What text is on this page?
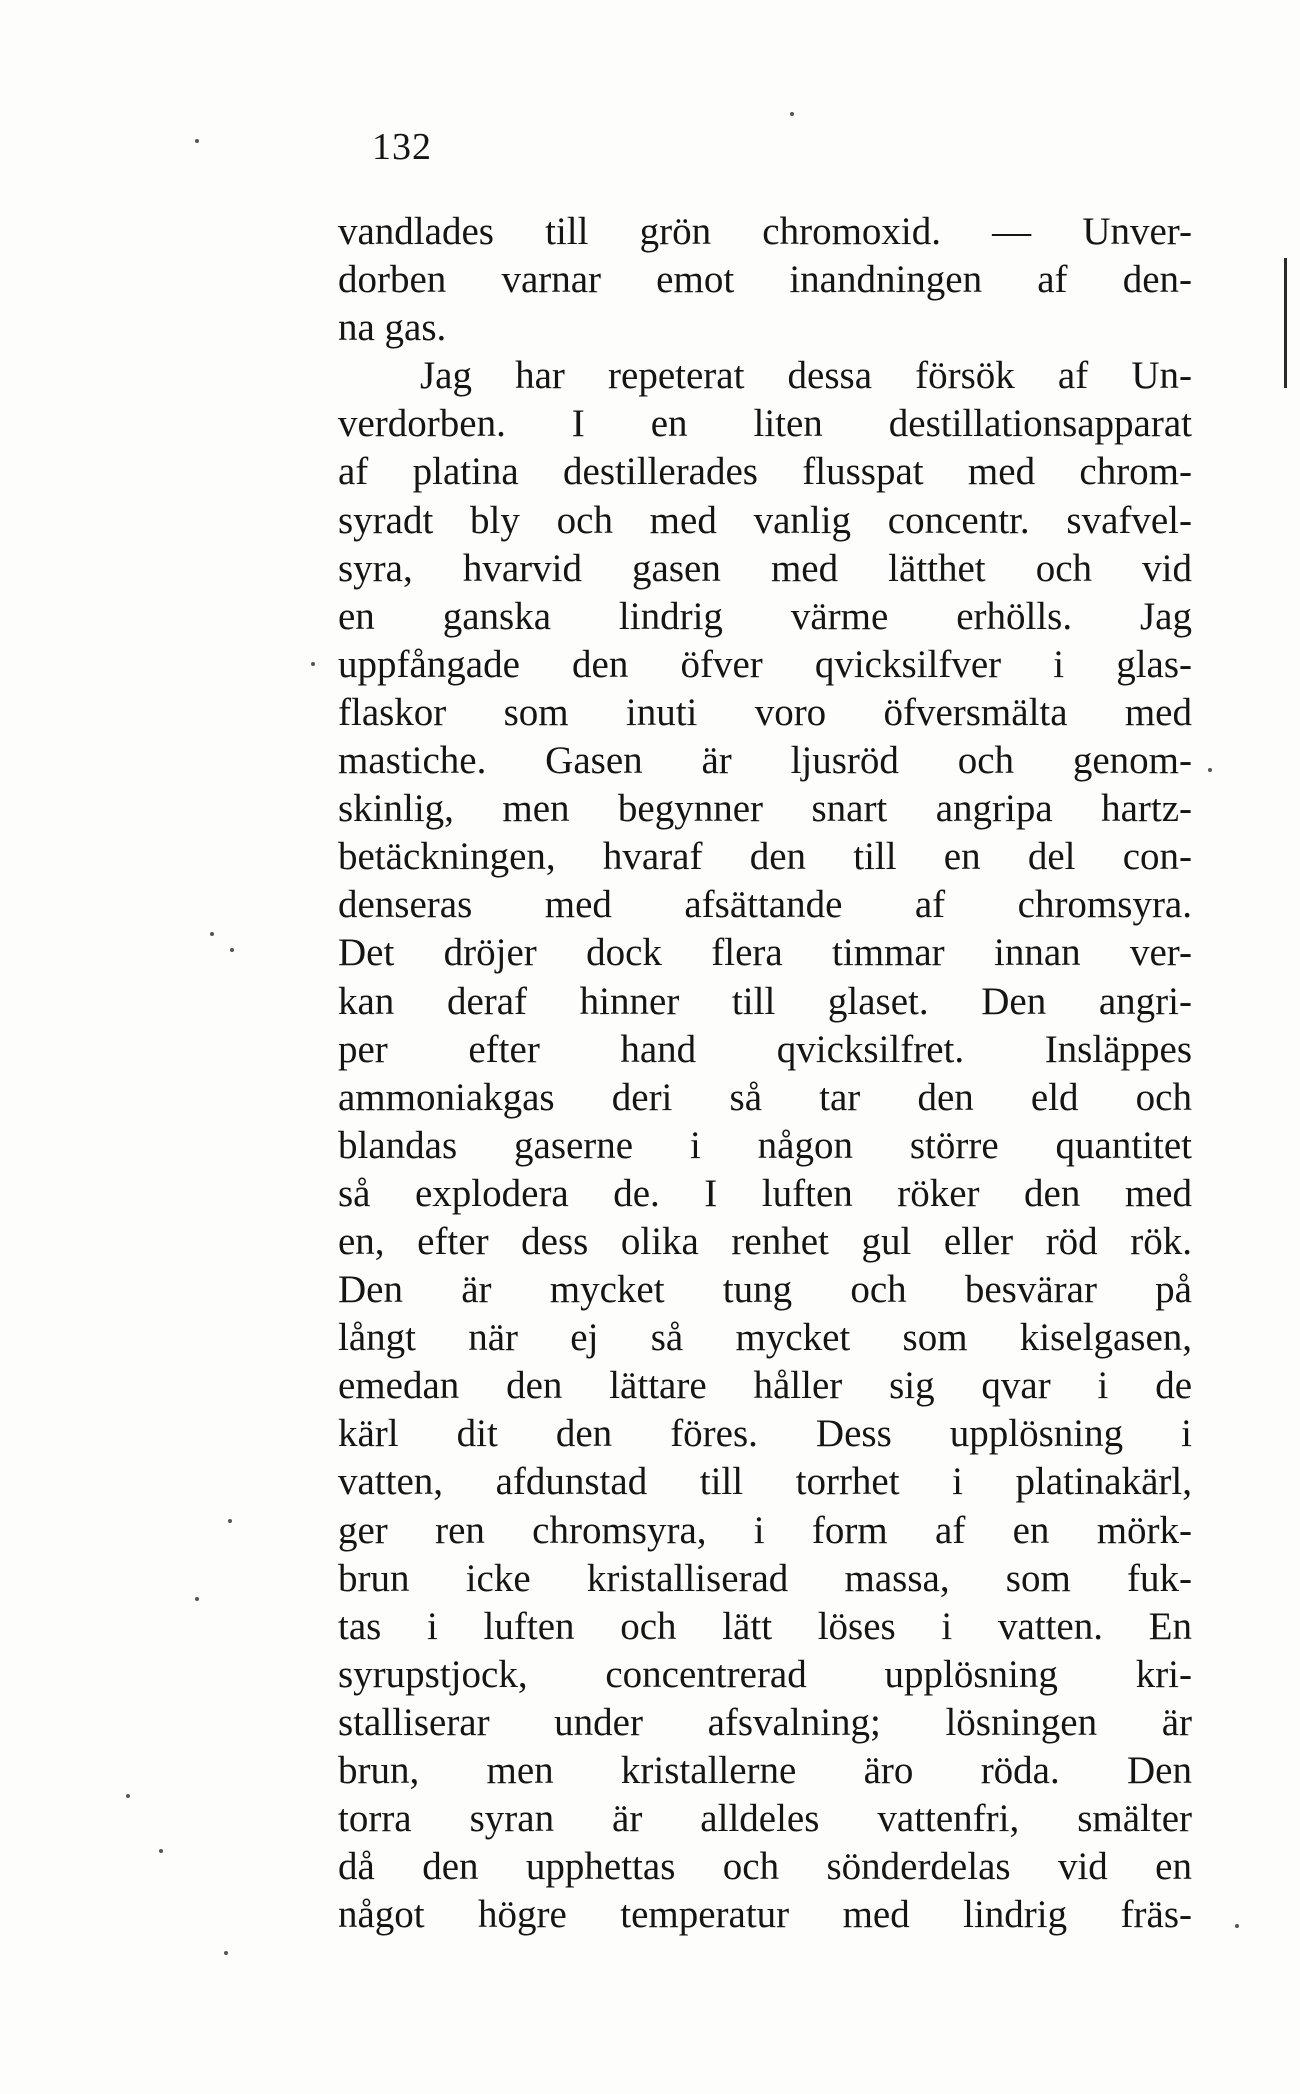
132
vandlades till grön chromoxid. — Unver-
dorben varnar emot inandningen af den-
na gas.
Jag har repeterat dessa försök af Un-
verdorben. I en liten destillationsapparat
af platina destillerades flusspat med chrom-
syradt bly och med vanlig concentr. svafvel-
syra, hvarvid gasen med lätthet och vid
en ganska lindrig värme erhölls. Jag
uppfångade den öfver qvicksilfver i glas-
flaskor som inuti voro öfversmälta med
mastiche. Gasen är ljusröd och genom-
skinlig, men begynner snart angripa hartz-
betäckningen, hvaraf den till en del con-
denseras med afsättande af chromsyra.
Det dröjer dock flera timmar innan ver-
kan deraf hinner till glaset. Den angri-
per efter hand qvicksilfret. Insläppes
ammoniakgas deri så tar den eld och
blandas gaserne i någon större quantitet
så explodera de. I luften röker den med
en, efter dess olika renhet gul eller röd rök.
Den är mycket tung och besvärar på
långt när ej så mycket som kiselgasen,
emedan den lättare håller sig qvar i de
kärl dit den föres. Dess upplösning i
vatten, afdunstad till torrhet i platinakärl,
ger ren chromsyra, i form af en mörk-
brun icke kristalliserad massa, som fuk-
tas i luften och lätt löses i vatten. En
syrupstjock, concentrerad upplösning kri-
stalliserar under afsvalning; lösningen är
brun, men kristallerne äro röda. Den
torra syran är alldeles vattenfri, smälter
då den upphettas och sönderdelas vid en
något högre temperatur med lindrig fräs-
